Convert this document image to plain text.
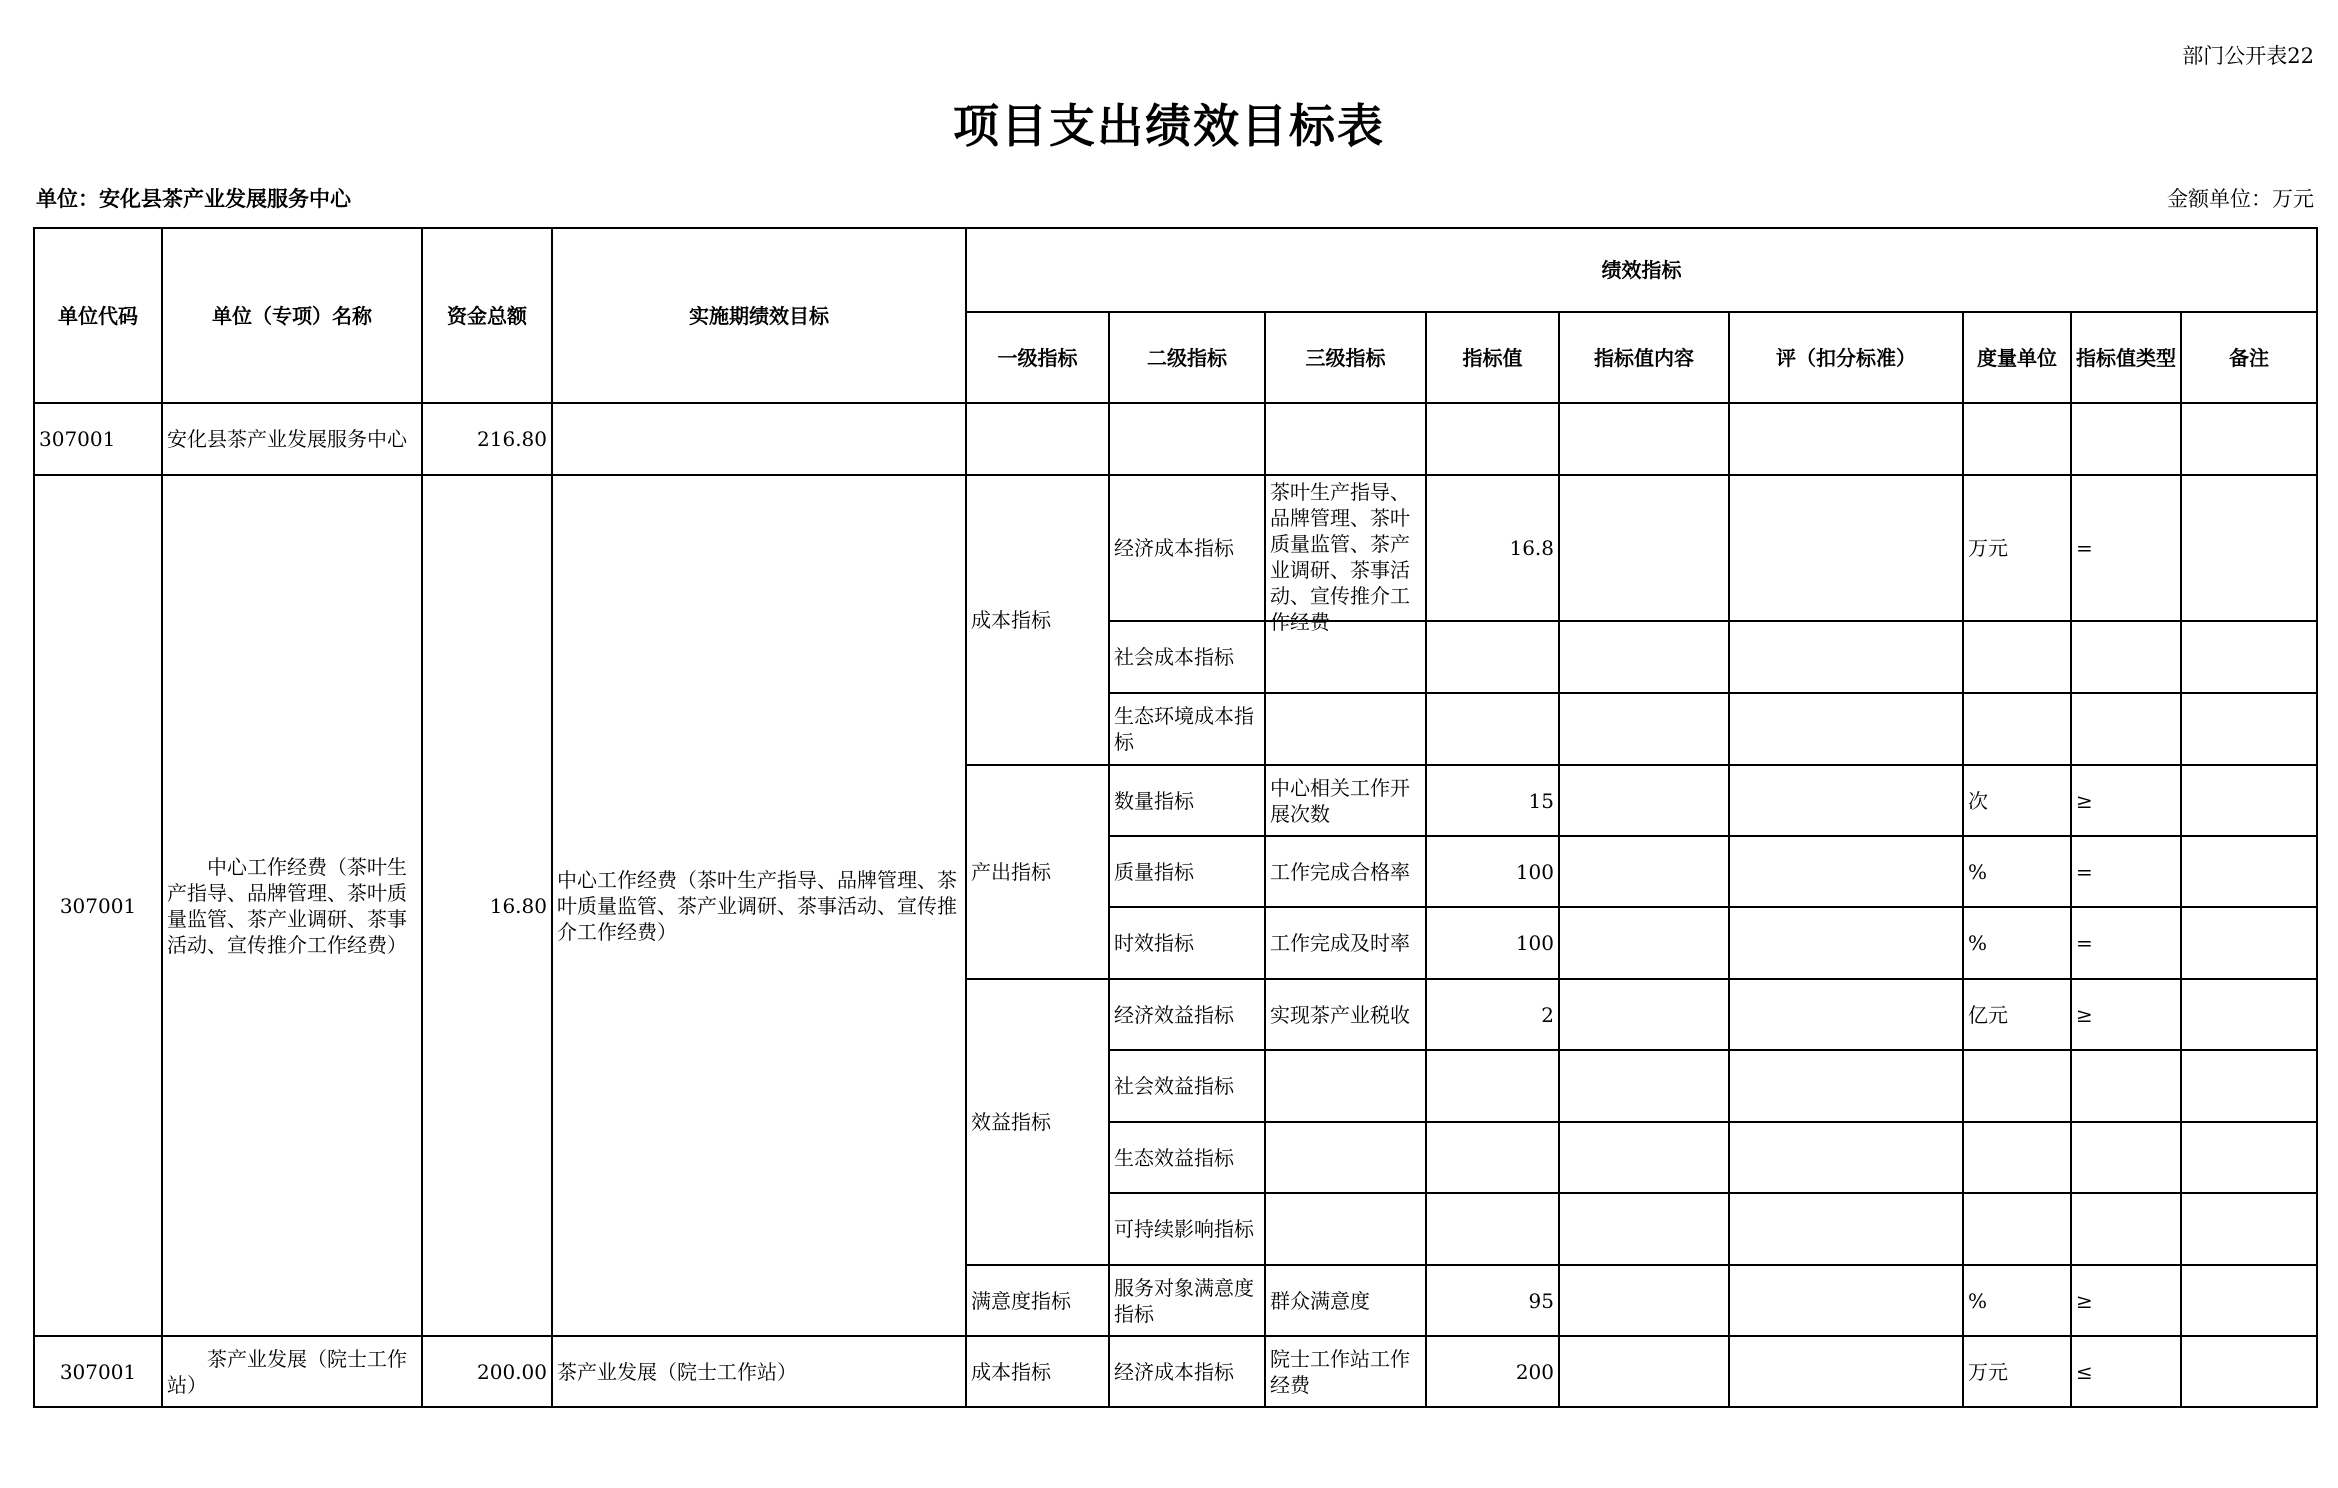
部门公开表22
项目支出绩效目标表
单位：安化县茶产业发展服务中心	金额单位：万元
单位代码	单位（专项）名称	资金总额	实施期绩效目标	绩效指标								
				一级指标	二级指标	三级指标	指标值	指标值内容	评（扣分标准）	度量单位	指标值类型	备注
307001	安化县茶产业发展服务中心	216.80										
307001	中心工作经费（茶叶生产指导、品牌管理、茶叶质量监管、茶产业调研、茶事活动、宣传推介工作经费）	16.80	中心工作经费（茶叶生产指导、品牌管理、茶叶质量监管、茶产业调研、茶事活动、宣传推介工作经费）	成本指标	经济成本指标	茶叶生产指导、品牌管理、茶叶质量监管、茶产业调研、茶事活动、宣传推介工作经费	16.8			万元	=	
					社会成本指标							
					生态环境成本指标							
				产出指标	数量指标	中心相关工作开展次数	15			次	≥	
					质量指标	工作完成合格率	100			%	=	
					时效指标	工作完成及时率	100			%	=	
				效益指标	经济效益指标	实现茶产业税收	2			亿元	≥	
					社会效益指标							
					生态效益指标							
					可持续影响指标							
				满意度指标	服务对象满意度指标	群众满意度	95			%	≥	
307001	茶产业发展（院士工作站）	200.00	茶产业发展（院士工作站）	成本指标	经济成本指标	院士工作站工作经费	200			万元	≤	
